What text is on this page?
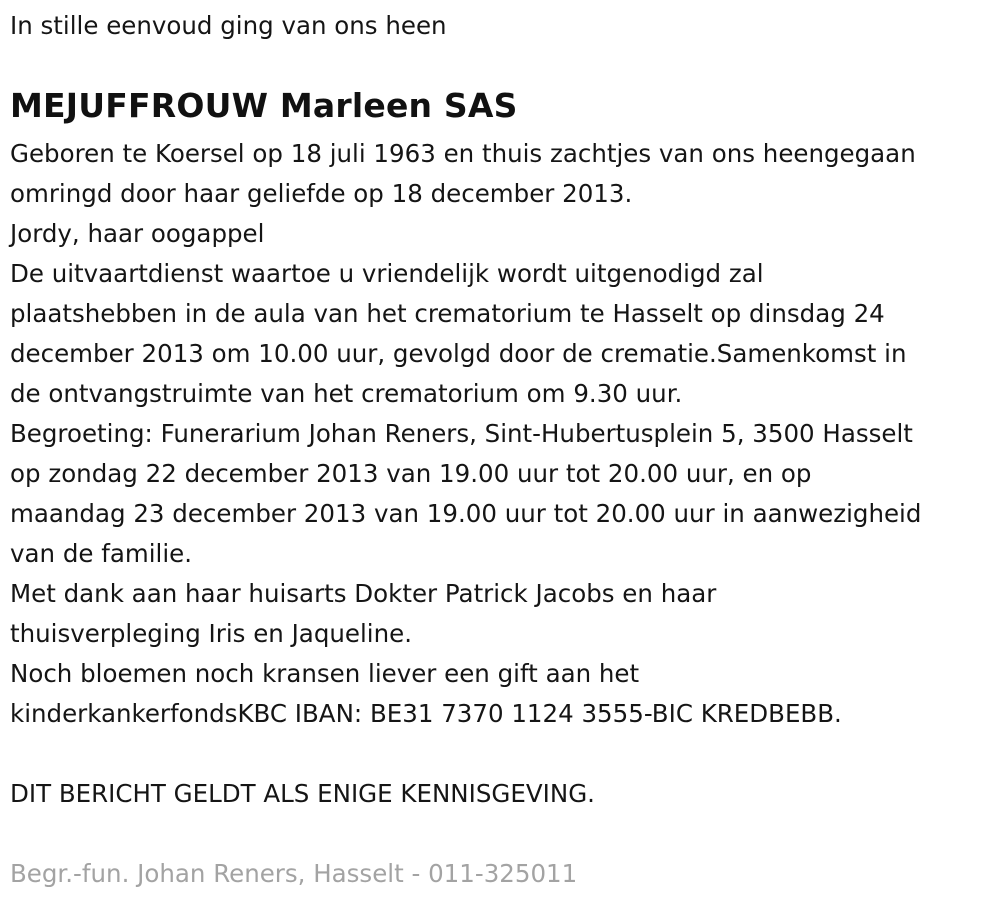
In stille eenvoud ging van ons heen
MEJUFFROUW Marleen SAS
Geboren te Koersel op 18 juli 1963 en thuis zachtjes van ons heengegaan
omringd door haar geliefde op 18 december 2013.
Jordy, haar oogappel
De uitvaartdienst waartoe u vriendelijk wordt uitgenodigd zal
plaatshebben in de aula van het crematorium te Hasselt op dinsdag 24
december 2013 om 10.00 uur, gevolgd door de crematie.Samenkomst in
de ontvangstruimte van het crematorium om 9.30 uur.
Begroeting: Funerarium Johan Reners, Sint-Hubertusplein 5, 3500 Hasselt
op zondag 22 december 2013 van 19.00 uur tot 20.00 uur, en op
maandag 23 december 2013 van 19.00 uur tot 20.00 uur in aanwezigheid
van de familie.
Met dank aan haar huisarts Dokter Patrick Jacobs en haar
thuisverpleging Iris en Jaqueline.
Noch bloemen noch kransen liever een gift aan het
kinderkankerfondsKBC IBAN: BE31 7370 1124 3555-BIC KREDBEBB.
DIT BERICHT GELDT ALS ENIGE KENNISGEVING.
Begr.-fun. Johan Reners, Hasselt - 011-325011
